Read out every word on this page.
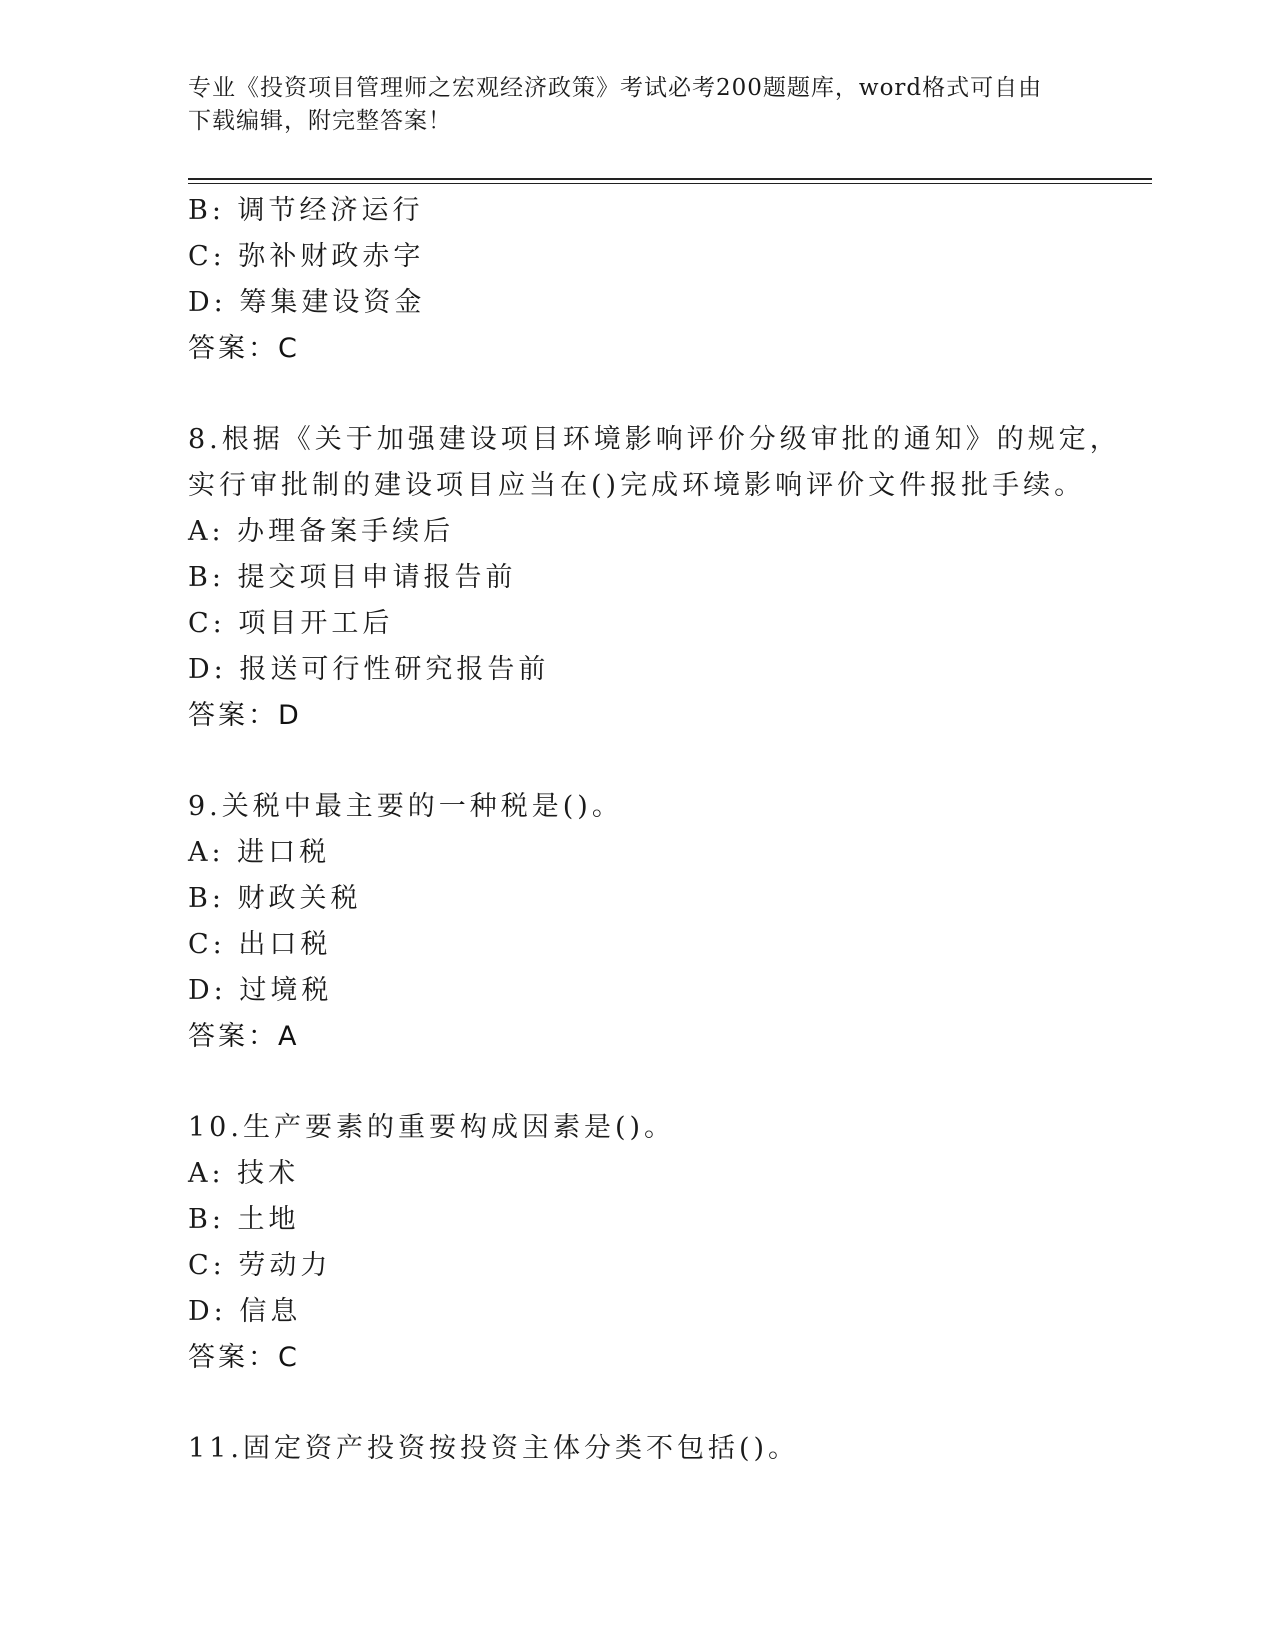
专业《投资项目管理师之宏观经济政策》考试必考200题题库，word格式可自由
下载编辑，附完整答案！
B: 调节经济运行
C: 弥补财政赤字
D: 筹集建设资金
答案：C
8.根据《关于加强建设项目环境影响评价分级审批的通知》的规定，
实行审批制的建设项目应当在()完成环境影响评价文件报批手续。
A: 办理备案手续后
B: 提交项目申请报告前
C: 项目开工后
D: 报送可行性研究报告前
答案：D
9.关税中最主要的一种税是()。
A: 进口税
B: 财政关税
C: 出口税
D: 过境税
答案：A
10.生产要素的重要构成因素是()。
A: 技术
B: 土地
C: 劳动力
D: 信息
答案：C
11.固定资产投资按投资主体分类不包括()。
